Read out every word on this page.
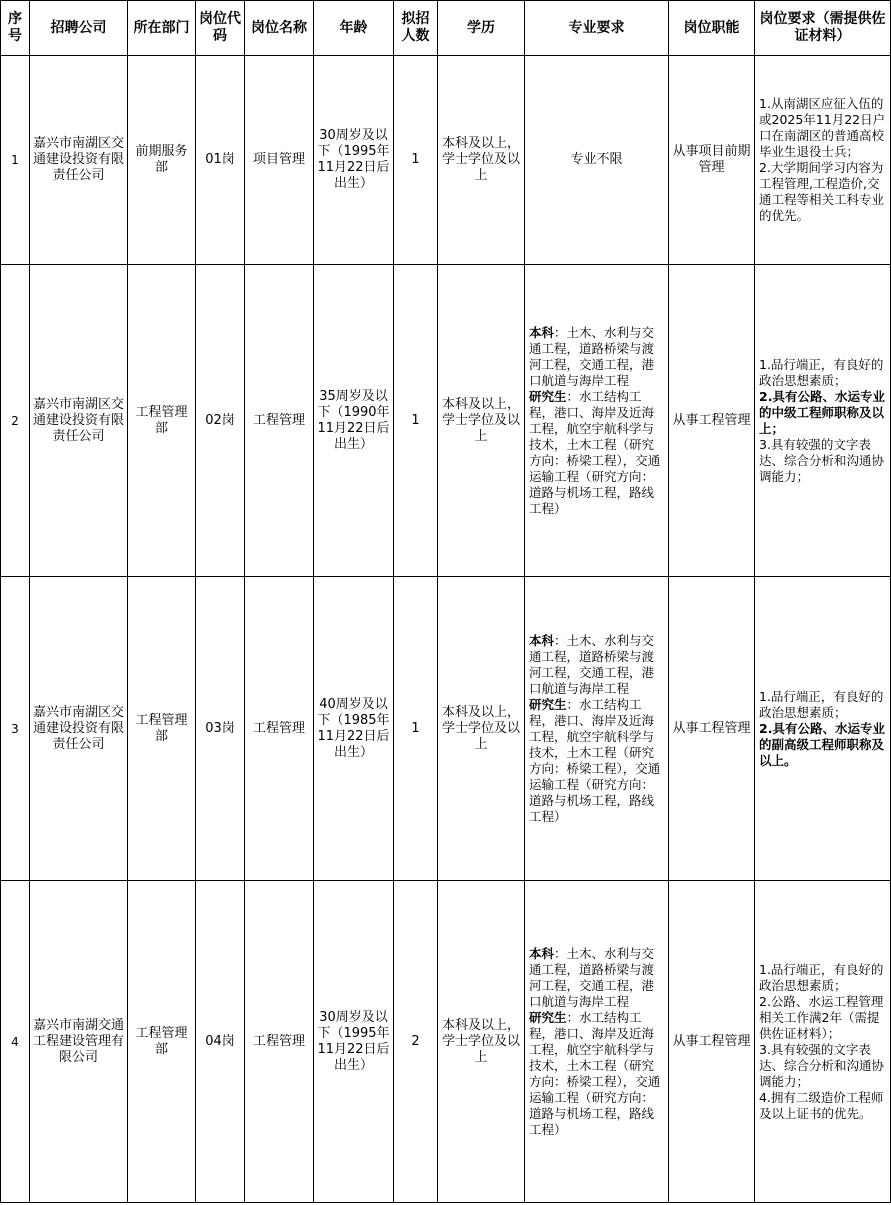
序号	招聘公司	所在部门	岗位代码	岗位名称	年龄	拟招人数	学历	专业要求	岗位职能	岗位要求（需提供佐证材料）
1	嘉兴市南湖区交通建设投资有限责任公司	前期服务部	01岗	项目管理	30周岁及以下（1995年11月22日后出生）	1	本科及以上，学士学位及以上	专业不限	从事项目前期管理	1.从南湖区应征入伍的或2025年11月22日户口在南湖区的普通高校毕业生退役士兵；
2.大学期间学习内容为工程管理,工程造价,交通工程等相关工科专业的优先。

2	嘉兴市南湖区交通建设投资有限责任公司	工程管理部	02岗	工程管理	35周岁及以下（1990年11月22日后出生）	1	本科及以上，学士学位及以上	本科：土木、水利与交通工程，道路桥梁与渡河工程，交通工程，港口航道与海岸工程
研究生：水工结构工程，港口、海岸及近海工程，航空宇航科学与技术，土木工程（研究方向：桥梁工程），交通运输工程（研究方向：道路与机场工程，路线工程）	从事工程管理	1.品行端正，有良好的政治思想素质；
2.具有公路、水运专业的中级工程师职称及以上；
3.具有较强的文字表达、综合分析和沟通协调能力；

3	嘉兴市南湖区交通建设投资有限责任公司	工程管理部	03岗	工程管理	40周岁及以下（1985年11月22日后出生）	1	本科及以上，学士学位及以上	本科：土木、水利与交通工程，道路桥梁与渡河工程，交通工程，港口航道与海岸工程
研究生：水工结构工程，港口、海岸及近海工程，航空宇航科学与技术，土木工程（研究方向：桥梁工程），交通运输工程（研究方向：道路与机场工程，路线工程）	从事工程管理	1.品行端正，有良好的政治思想素质；
2.具有公路、水运专业的副高级工程师职称及以上。

4	嘉兴市南湖交通工程建设管理有限公司	工程管理部	04岗	工程管理	30周岁及以下（1995年11月22日后出生）	2	本科及以上，学士学位及以上	本科：土木、水利与交通工程，道路桥梁与渡河工程，交通工程，港口航道与海岸工程
研究生：水工结构工程，港口、海岸及近海工程，航空宇航科学与技术，土木工程（研究方向：桥梁工程），交通运输工程（研究方向：道路与机场工程，路线工程）	从事工程管理	1.品行端正，有良好的政治思想素质；
2.公路、水运工程管理相关工作满2年（需提供佐证材料）；
3.具有较强的文字表达、综合分析和沟通协调能力；
4.拥有二级造价工程师及以上证书的优先。
